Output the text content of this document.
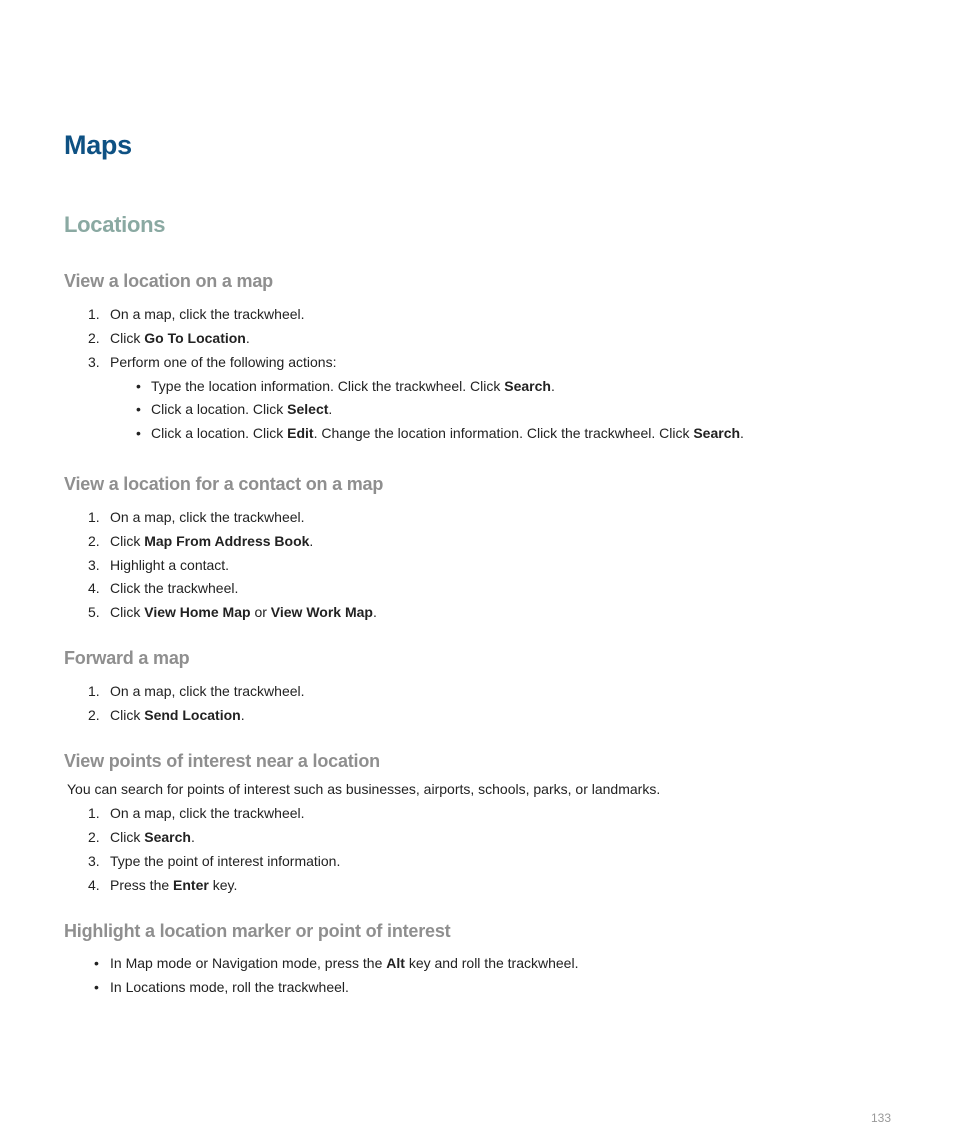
Maps
Locations
View a location on a map
1. On a map, click the trackwheel.
2. Click Go To Location.
3. Perform one of the following actions:
• Type the location information. Click the trackwheel. Click Search.
• Click a location. Click Select.
• Click a location. Click Edit. Change the location information. Click the trackwheel. Click Search.
View a location for a contact on a map
1. On a map, click the trackwheel.
2. Click Map From Address Book.
3. Highlight a contact.
4. Click the trackwheel.
5. Click View Home Map or View Work Map.
Forward a map
1. On a map, click the trackwheel.
2. Click Send Location.
View points of interest near a location
You can search for points of interest such as businesses, airports, schools, parks, or landmarks.
1. On a map, click the trackwheel.
2. Click Search.
3. Type the point of interest information.
4. Press the Enter key.
Highlight a location marker or point of interest
• In Map mode or Navigation mode, press the Alt key and roll the trackwheel.
• In Locations mode, roll the trackwheel.
133
